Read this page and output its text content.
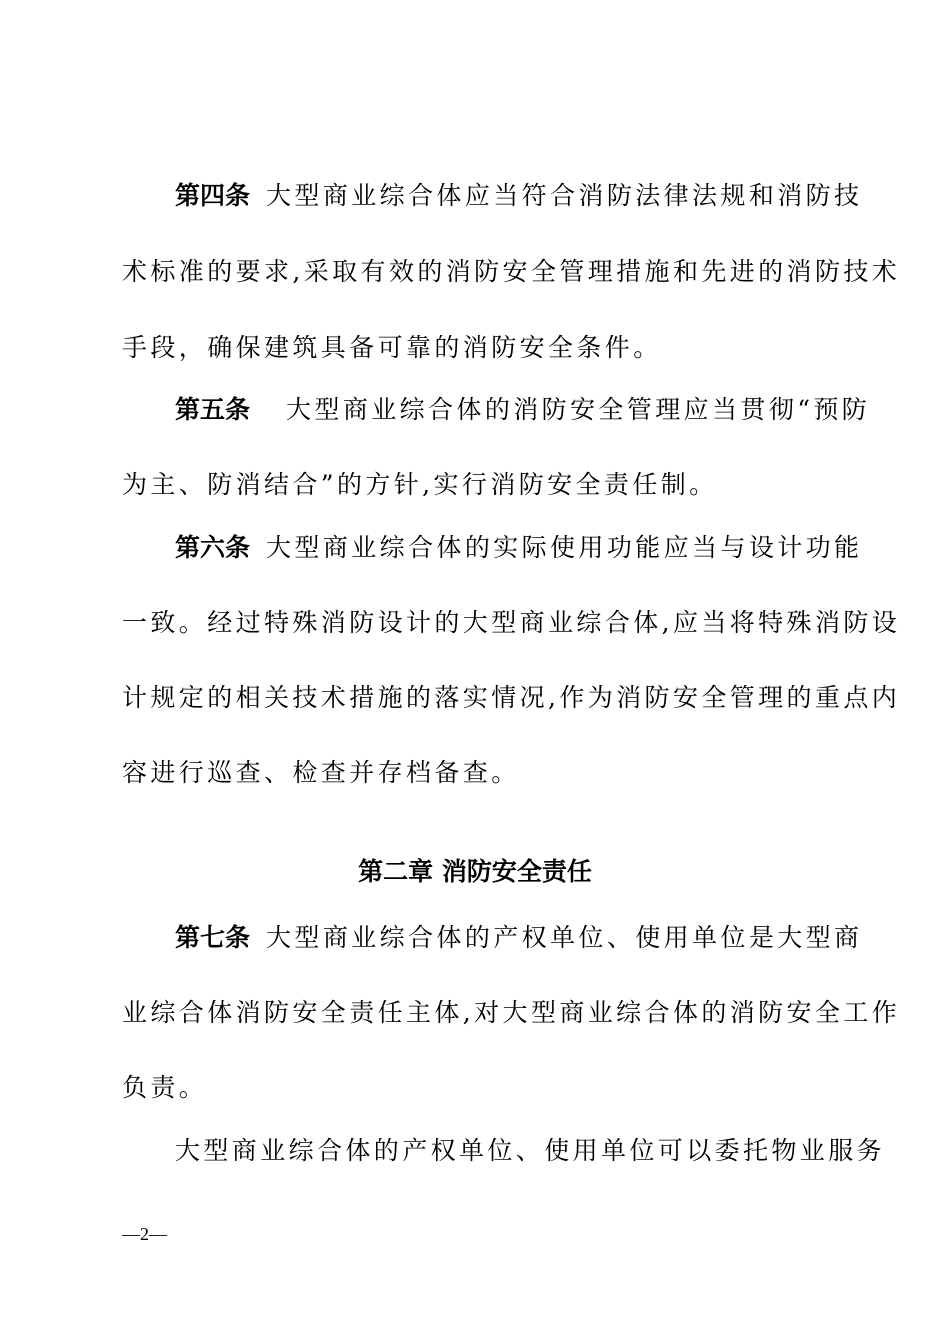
第四条 大型商业综合体应当符合消防法律法规和消防技
术标准的要求,采取有效的消防安全管理措施和先进的消防技术
手段，确保建筑具备可靠的消防安全条件。
第五条 大型商业综合体的消防安全管理应当贯彻“预防
为主、防消结合”的方针,实行消防安全责任制。
第六条 大型商业综合体的实际使用功能应当与设计功能
一致。经过特殊消防设计的大型商业综合体,应当将特殊消防设
计规定的相关技术措施的落实情况,作为消防安全管理的重点内
容进行巡查、检查并存档备查。
第二章 消防安全责任
第七条 大型商业综合体的产权单位、使用单位是大型商
业综合体消防安全责任主体,对大型商业综合体的消防安全工作
负责。
大型商业综合体的产权单位、使用单位可以委托物业服务
—2—
